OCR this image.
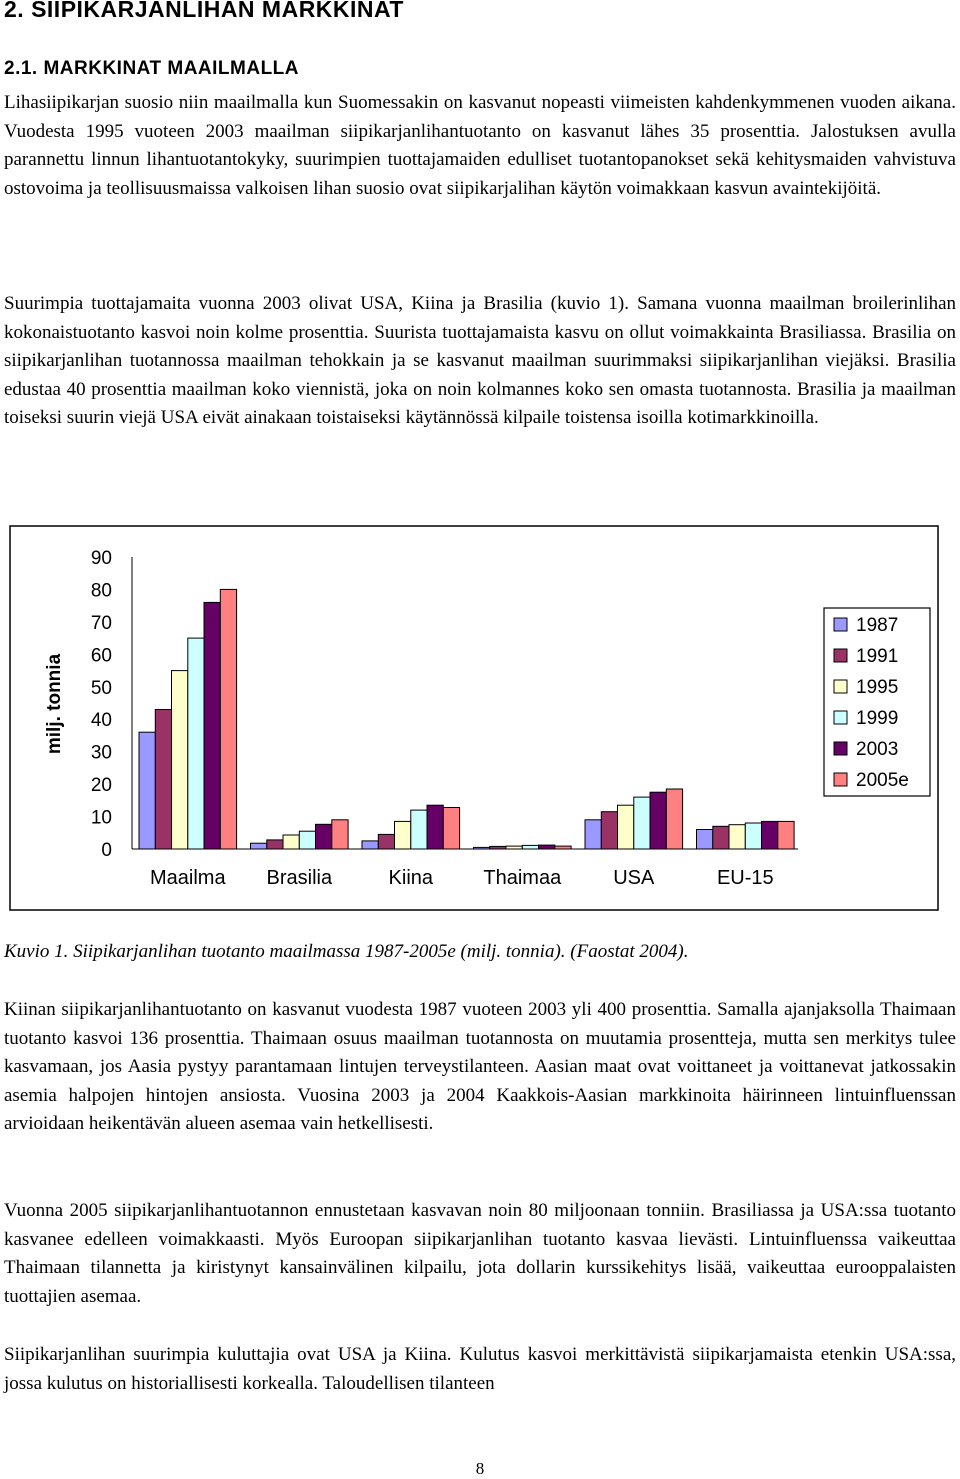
2. SIIPIKARJANLIHAN MARKKINAT
2.1. MARKKINAT MAAILMALLA

Lihasiipikarjan suosio niin maailmalla kun Suomessakin on kasvanut nopeasti viimeisten kahdenkymmenen vuoden aikana. Vuodesta 1995 vuoteen 2003 maailman siipikarjanlihantuotanto on kasvanut lähes 35 prosenttia. Jalostuksen avulla parannettu linnun lihantuotantokyky, suurimpien tuottajamaiden edulliset tuotantopanokset sekä kehitysmaiden vahvistuva ostovoima ja teollisuusmaissa valkoisen lihan suosio ovat siipikarjalihan käytön voimakkaan kasvun avaintekijöitä.

Suurimpia tuottajamaita vuonna 2003 olivat USA, Kiina ja Brasilia (kuvio 1). Samana vuonna maailman broilerinlihan kokonaistuotanto kasvoi noin kolme prosenttia. Suurista tuottajamaista kasvu on ollut voimakkainta Brasiliassa. Brasilia on siipikarjanlihan tuotannossa maailman tehokkain ja se kasvanut maailman suurimmaksi siipikarjanlihan viejäksi. Brasilia edustaa 40 prosenttia maailman koko viennistä, joka on noin kolmannes koko sen omasta tuotannosta. Brasilia ja maailman toiseksi suurin viejä USA eivät ainakaan toistaiseksi käytännössä kilpaile toistensa isoilla kotimarkkinoilla.

milj. tonnia
0
10
20
30
40
50
60
70
80
90
Maailma Brasilia	Kiina	Thaimaa	USA	EU-15
1987
1991
1995
1999
2003
2005e
Kuvio 1. Siipikarjanlihan tuotanto maailmassa 1987-2005e (milj. tonnia). (Faostat 2004).

Kiinan siipikarjanlihantuotanto on kasvanut vuodesta 1987 vuoteen 2003 yli 400 prosenttia. Samalla ajanjaksolla Thaimaan tuotanto kasvoi 136 prosenttia. Thaimaan osuus maailman tuotannosta on muutamia prosentteja, mutta sen merkitys tulee kasvamaan, jos Aasia pystyy parantamaan lintujen terveystilanteen. Aasian maat ovat voittaneet ja voittanevat jatkossakin asemia halpojen hintojen ansiosta. Vuosina 2003 ja 2004 Kaakkois-Aasian markkinoita häirinneen lintuinfluenssan arvioidaan heikentävän alueen asemaa vain hetkellisesti.

Vuonna 2005 siipikarjanlihantuotannon ennustetaan kasvavan noin 80 miljoonaan tonniin. Brasiliassa ja USA:ssa tuotanto kasvanee edelleen voimakkaasti. Myös Euroopan siipikarjanlihan tuotanto kasvaa lievästi. Lintuinfluenssa vaikeuttaa Thaimaan tilannetta ja kiristynyt kansainvälinen kilpailu, jota dollarin kurssikehitys lisää, vaikeuttaa eurooppalaisten tuottajien asemaa.

Siipikarjanlihan suurimpia kuluttajia ovat USA ja Kiina. Kulutus kasvoi merkittävistä siipikarjamaista etenkin USA:ssa, jossa kulutus on historiallisesti korkealla. Taloudellisen tilanteen

8
